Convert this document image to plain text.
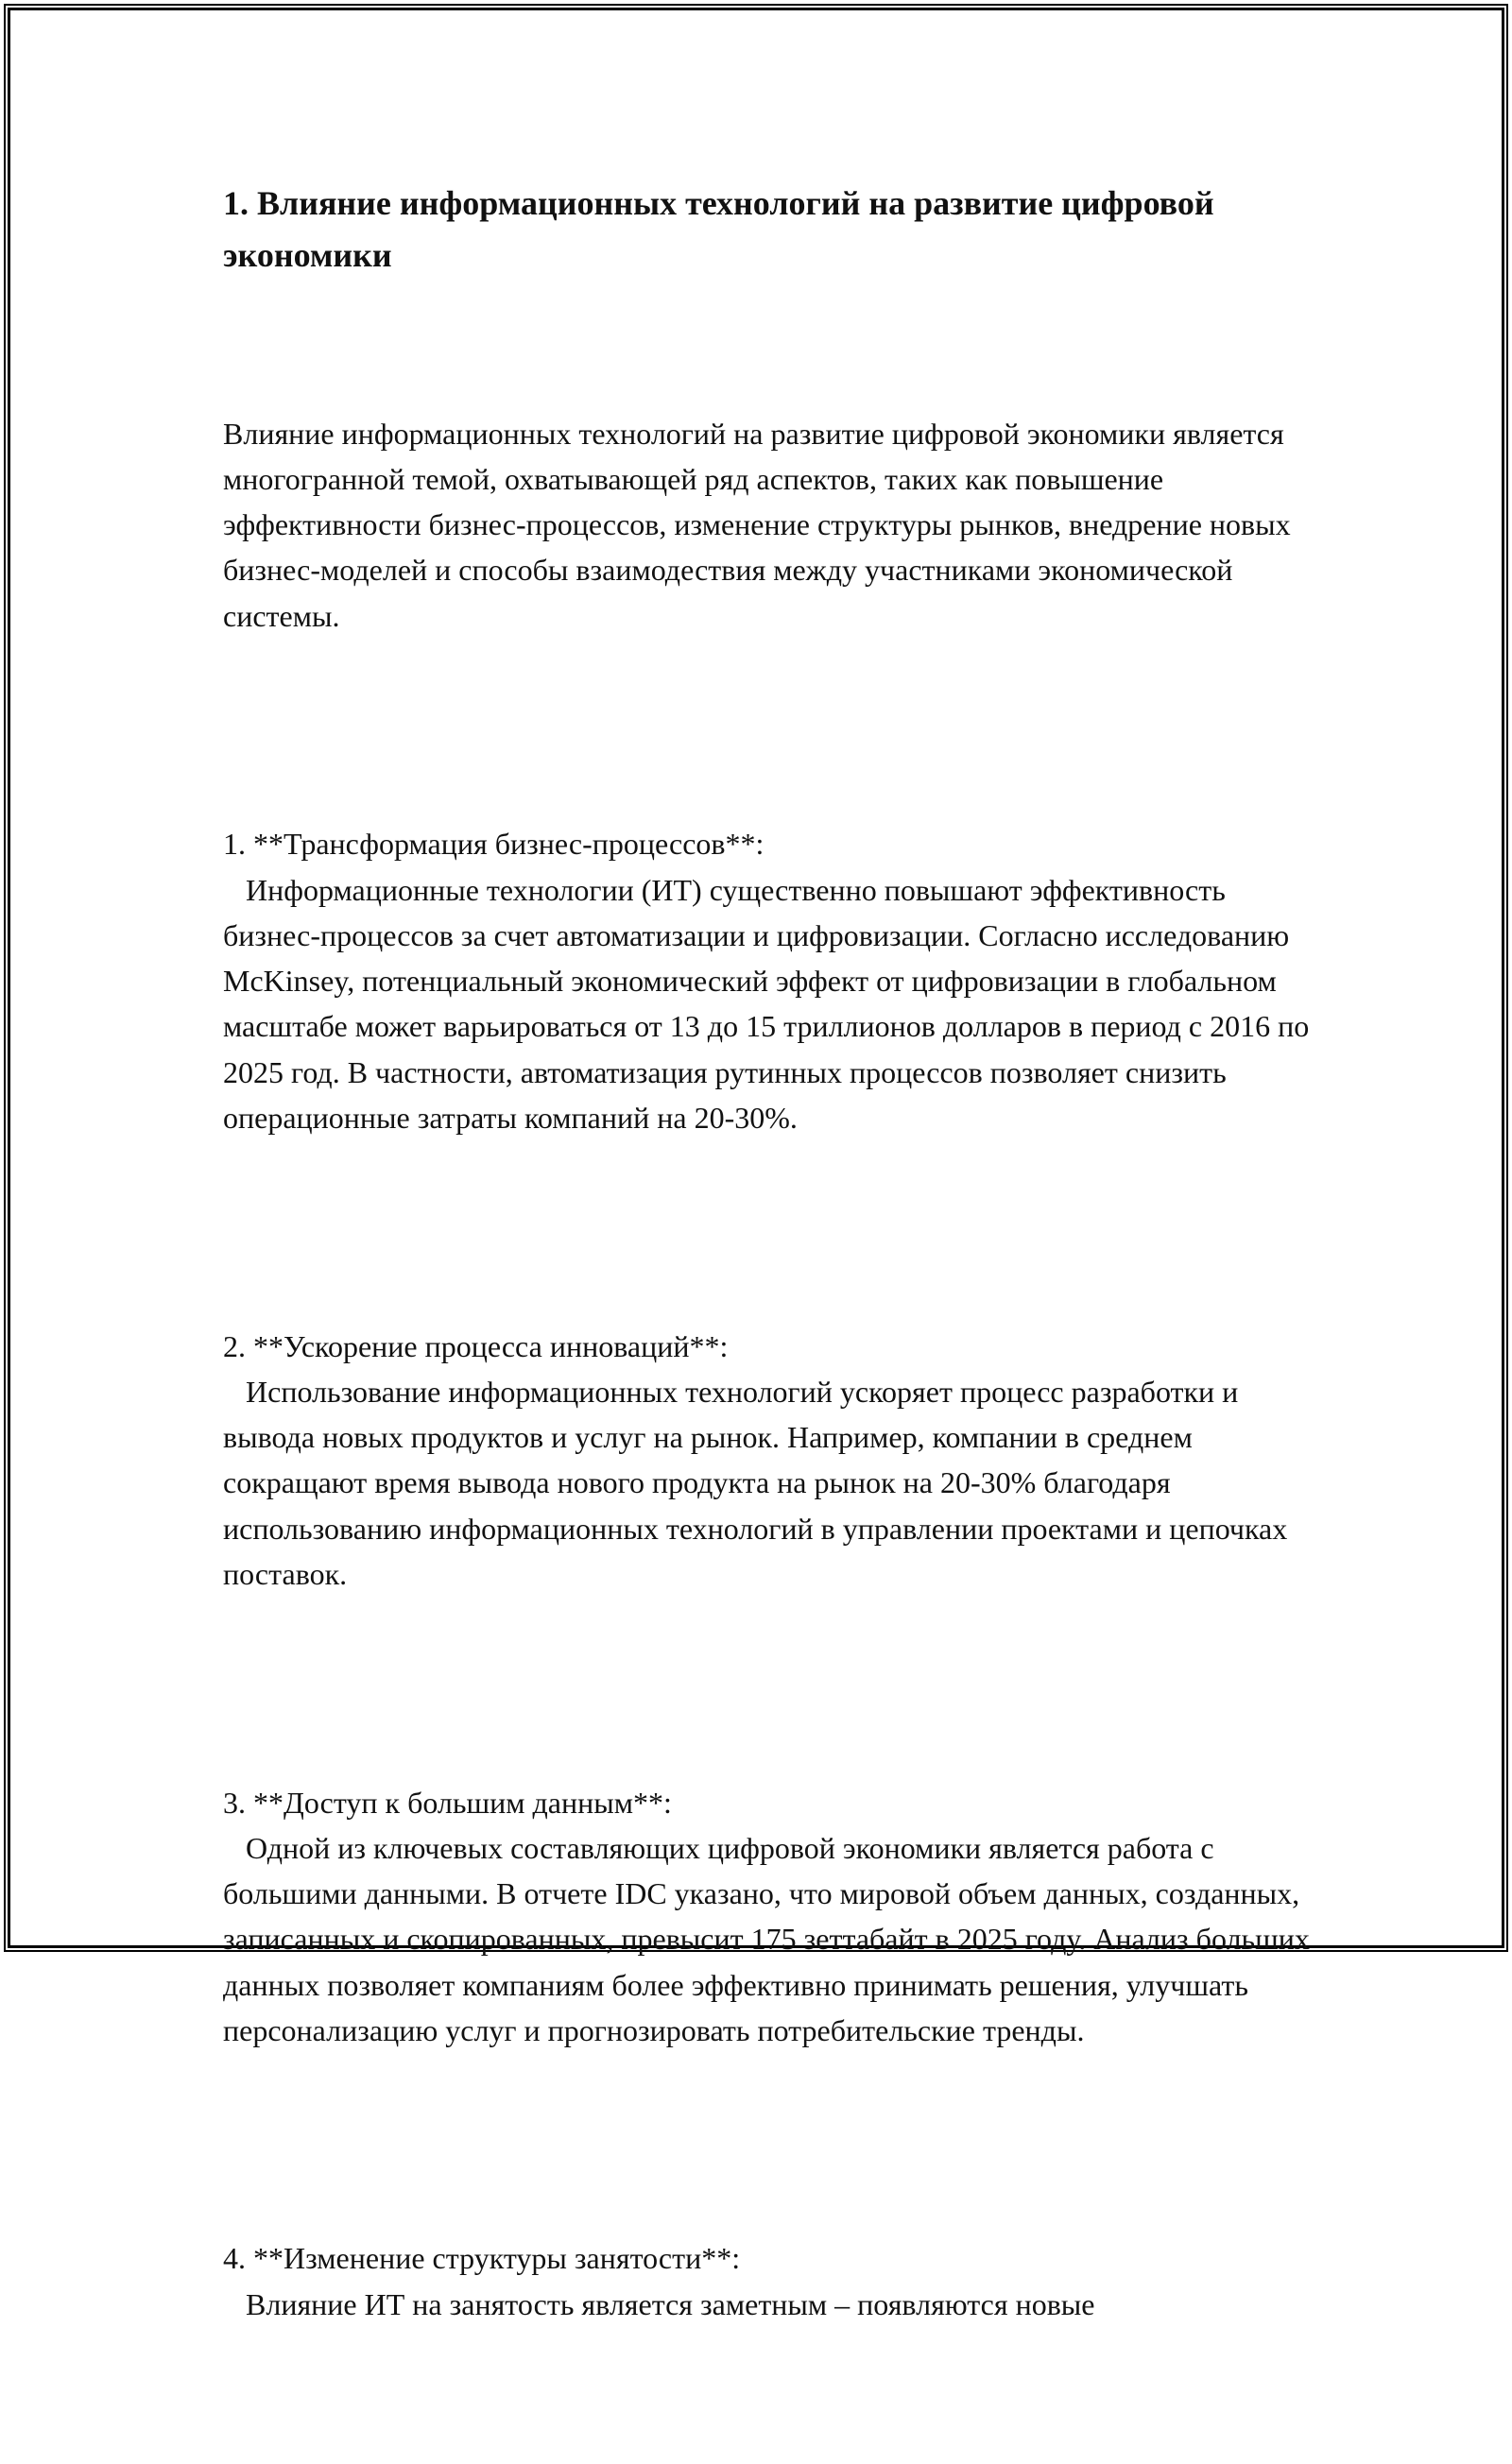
1. Влияние информационных технологий на развитие цифровой экономики

Влияние информационных технологий на развитие цифровой экономики является многогранной темой, охватывающей ряд аспектов, таких как повышение эффективности бизнес-процессов, изменение структуры рынков, внедрение новых бизнес-моделей и способы взаимодествия между участниками экономической системы.

1. **Трансформация бизнес-процессов**:
Информационные технологии (ИТ) существенно повышают эффективность бизнес-процессов за счет автоматизации и цифровизации. Согласно исследованию McKinsey, потенциальный экономический эффект от цифровизации в глобальном масштабе может варьироваться от 13 до 15 триллионов долларов в период с 2016 по 2025 год. В частности, автоматизация рутинных процессов позволяет снизить операционные затраты компаний на 20-30%.

2. **Ускорение процесса инноваций**:
Использование информационных технологий ускоряет процесс разработки и вывода новых продуктов и услуг на рынок. Например, компании в среднем сокращают время вывода нового продукта на рынок на 20-30% благодаря использованию информационных технологий в управлении проектами и цепочках поставок.

3. **Доступ к большим данным**:
Одной из ключевых составляющих цифровой экономики является работа с большими данными. В отчете IDC указано, что мировой объем данных, созданных, записанных и скопированных, превысит 175 зеттабайт в 2025 году. Анализ больших данных позволяет компаниям более эффективно принимать решения, улучшать персонализацию услуг и прогнозировать потребительские тренды.

4. **Изменение структуры занятости**:
Влияние ИТ на занятость является заметным – появляются новые
